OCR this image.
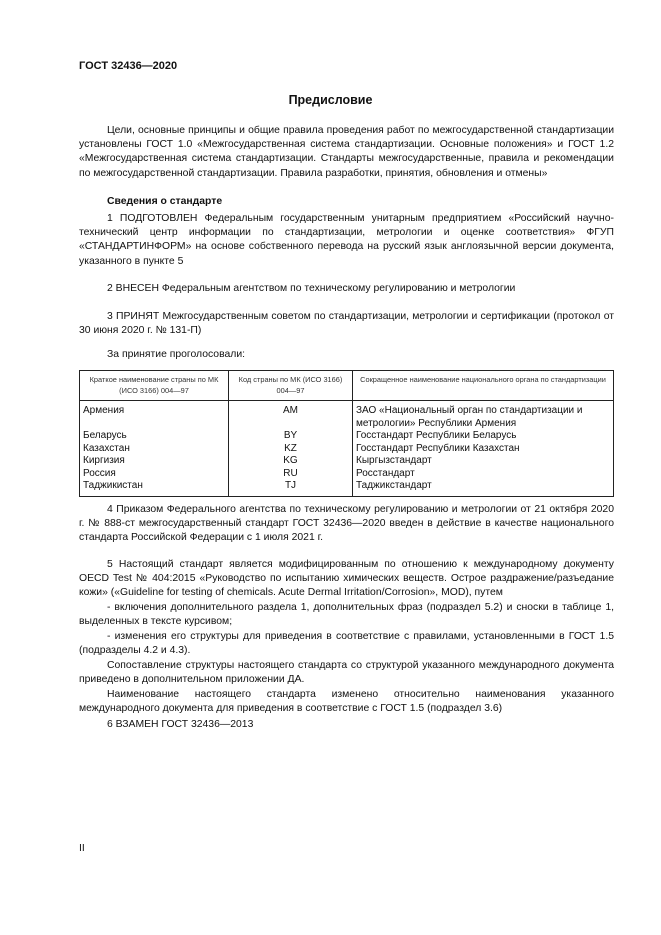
ГОСТ 32436—2020
Предисловие

Цели, основные принципы и общие правила проведения работ по межгосударственной стандартизации установлены ГОСТ 1.0 «Межгосударственная система стандартизации. Основные положения» и ГОСТ 1.2 «Межгосударственная система стандартизации. Стандарты межгосударственные, правила и рекомендации по межгосударственной стандартизации. Правила разработки, принятия, обновления и отмены»

Сведения о стандарте

1 ПОДГОТОВЛЕН Федеральным государственным унитарным предприятием «Российский научно-технический центр информации по стандартизации, метрологии и оценке соответствия» ФГУП «СТАНДАРТИНФОРМ» на основе собственного перевода на русский язык англоязычной версии документа, указанного в пункте 5

2 ВНЕСЕН Федеральным агентством по техническому регулированию и метрологии

3 ПРИНЯТ Межгосударственным советом по стандартизации, метрологии и сертификации (протокол от 30 июня 2020 г. № 131-П)

За принятие проголосовали:

Краткое наименование страны по МК (ИСО 3166) 004—97	Код страны по МК (ИСО 3166) 004—97	Сокращенное наименование национального органа по стандартизации
Армения	AM	ЗАО «Национальный орган по стандартизации и метрологии» Республики Армения
Беларусь	BY	Госстандарт Республики Беларусь
Казахстан	KZ	Госстандарт Республики Казахстан
Киргизия	KG	Кыргызстандарт
Россия	RU	Росстандарт
Таджикистан	TJ	Таджикстандарт

4 Приказом Федерального агентства по техническому регулированию и метрологии от 21 октября 2020 г. № 888-ст межгосударственный стандарт ГОСТ 32436—2020 введен в действие в качестве национального стандарта Российской Федерации с 1 июля 2021 г.

5 Настоящий стандарт является модифицированным по отношению к международному документу OECD Test № 404:2015 «Руководство по испытанию химических веществ. Острое раздражение/разъедание кожи» («Guideline for testing of chemicals. Acute Dermal Irritation/Corrosion», MOD), путем

- включения дополнительного раздела 1, дополнительных фраз (подраздел 5.2) и сноски в таблице 1, выделенных в тексте курсивом;

- изменения его структуры для приведения в соответствие с правилами, установленными в ГОСТ 1.5 (подразделы 4.2 и 4.3).

Сопоставление структуры настоящего стандарта со структурой указанного международного документа приведено в дополнительном приложении ДА.

Наименование настоящего стандарта изменено относительно наименования указанного международного документа для приведения в соответствие с ГОСТ 1.5 (подраздел 3.6)

6 ВЗАМЕН ГОСТ 32436—2013

II
